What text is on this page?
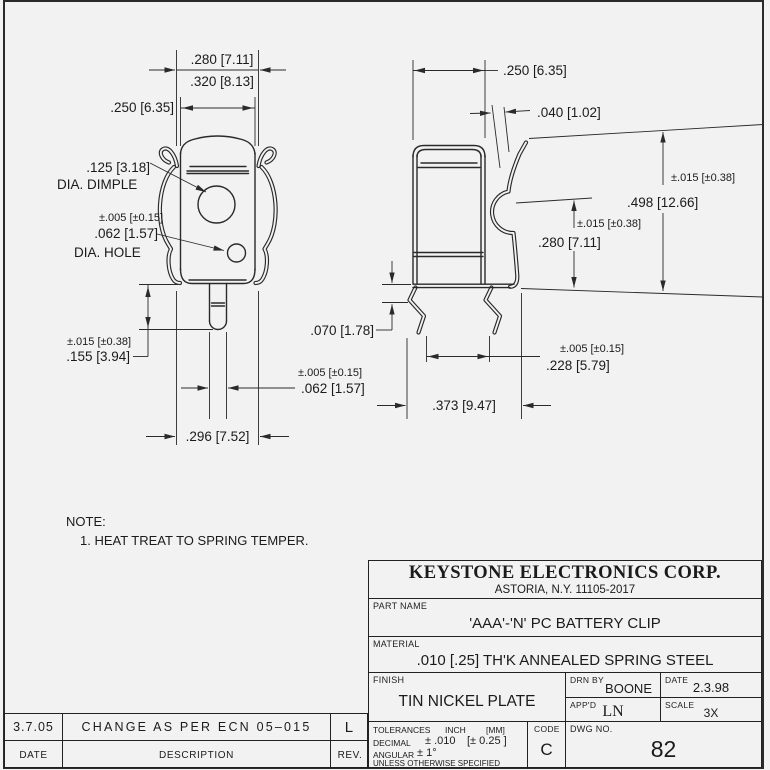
.280 [7.11]
.320 [8.13]
.250 [6.35]
.125 [3.18]
DIA. DIMPLE
±.005 [±0.15]
.062 [1.57]
DIA. HOLE
±.015 [±0.38]
.155 [3.94]
±.005 [±0.15]
.062 [1.57]
.296 [7.52]
.250 [6.35]
.040 [1.02]
±.015 [±0.38]
.498 [12.66]
±.015 [±0.38]
.280 [7.11]
.070 [1.78]
±.005 [±0.15]
.228 [5.79]
.373 [9.47]
NOTE:
1. HEAT TREAT TO SPRING TEMPER.
KEYSTONE ELECTRONICS CORP.
ASTORIA, N.Y. 11105-2017
PART NAME
'AAA'-'N' PC BATTERY CLIP
MATERIAL
.010 [.25] TH'K ANNEALED SPRING STEEL
FINISH
TIN NICKEL PLATE
DRN BY
BOONE
DATE 2.3.98
APP'D LN	SCALE
3X
TOLERANCES INCH [MM]
DECIMAL ± .010 [± 0.25 ]
ANGULAR ± 1°
UNLESS OTHERWISE SPECIFIED
CODE
C
DWG NO.
82
3.7.05 CHANGE AS PER ECN 05–015 L
DATE	DESCRIPTION	REV.
